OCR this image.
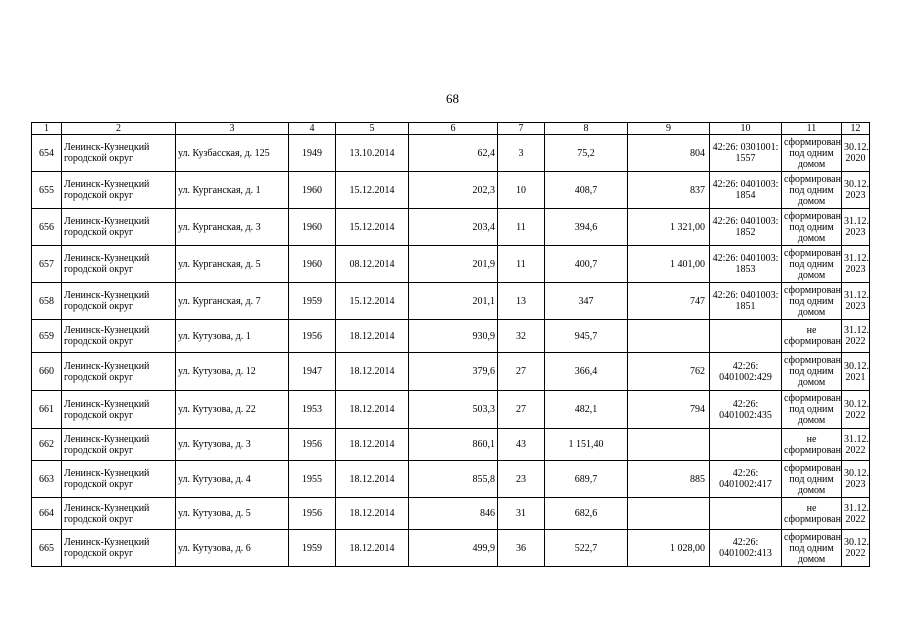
68
1	2	3	4	5	6	7	8	9	10	11	12
654	Ленинск-Кузнецкий городской округ	ул. Кузбасская, д. 125	1949	13.10.2014	62,4	3	75,2	804	42:26: 0301001: 1557	сформирован под одним домом	30.12. 2020
655	Ленинск-Кузнецкий городской округ	ул. Курганская, д. 1	1960	15.12.2014	202,3	10	408,7	837	42:26: 0401003: 1854	сформирован под одним домом	30.12. 2023
656	Ленинск-Кузнецкий городской округ	ул. Курганская, д. 3	1960	15.12.2014	203,4	11	394,6	1 321,00	42:26: 0401003: 1852	сформирован под одним домом	31.12. 2023
657	Ленинск-Кузнецкий городской округ	ул. Курганская, д. 5	1960	08.12.2014	201,9	11	400,7	1 401,00	42:26: 0401003: 1853	сформирован под одним домом	31.12. 2023
658	Ленинск-Кузнецкий городской округ	ул. Курганская, д. 7	1959	15.12.2014	201,1	13	347	747	42:26: 0401003: 1851	сформирован под одним домом	31.12. 2023
659	Ленинск-Кузнецкий городской округ	ул. Кутузова, д. 1	1956	18.12.2014	930,9	32	945,7			не сформирован	31.12. 2022
660	Ленинск-Кузнецкий городской округ	ул. Кутузова, д. 12	1947	18.12.2014	379,6	27	366,4	762	42:26: 0401002:429	сформирован под одним домом	30.12. 2021
661	Ленинск-Кузнецкий городской округ	ул. Кутузова, д. 22	1953	18.12.2014	503,3	27	482,1	794	42:26: 0401002:435	сформирован под одним домом	30.12. 2022
662	Ленинск-Кузнецкий городской округ	ул. Кутузова, д. 3	1956	18.12.2014	860,1	43	1 151,40			не сформирован	31.12. 2022
663	Ленинск-Кузнецкий городской округ	ул. Кутузова, д. 4	1955	18.12.2014	855,8	23	689,7	885	42:26: 0401002:417	сформирован под одним домом	30.12. 2023
664	Ленинск-Кузнецкий городской округ	ул. Кутузова, д. 5	1956	18.12.2014	846	31	682,6			не сформирован	31.12. 2022
665	Ленинск-Кузнецкий городской округ	ул. Кутузова, д. 6	1959	18.12.2014	499,9	36	522,7	1 028,00	42:26: 0401002:413	сформирован под одним домом	30.12. 2022
